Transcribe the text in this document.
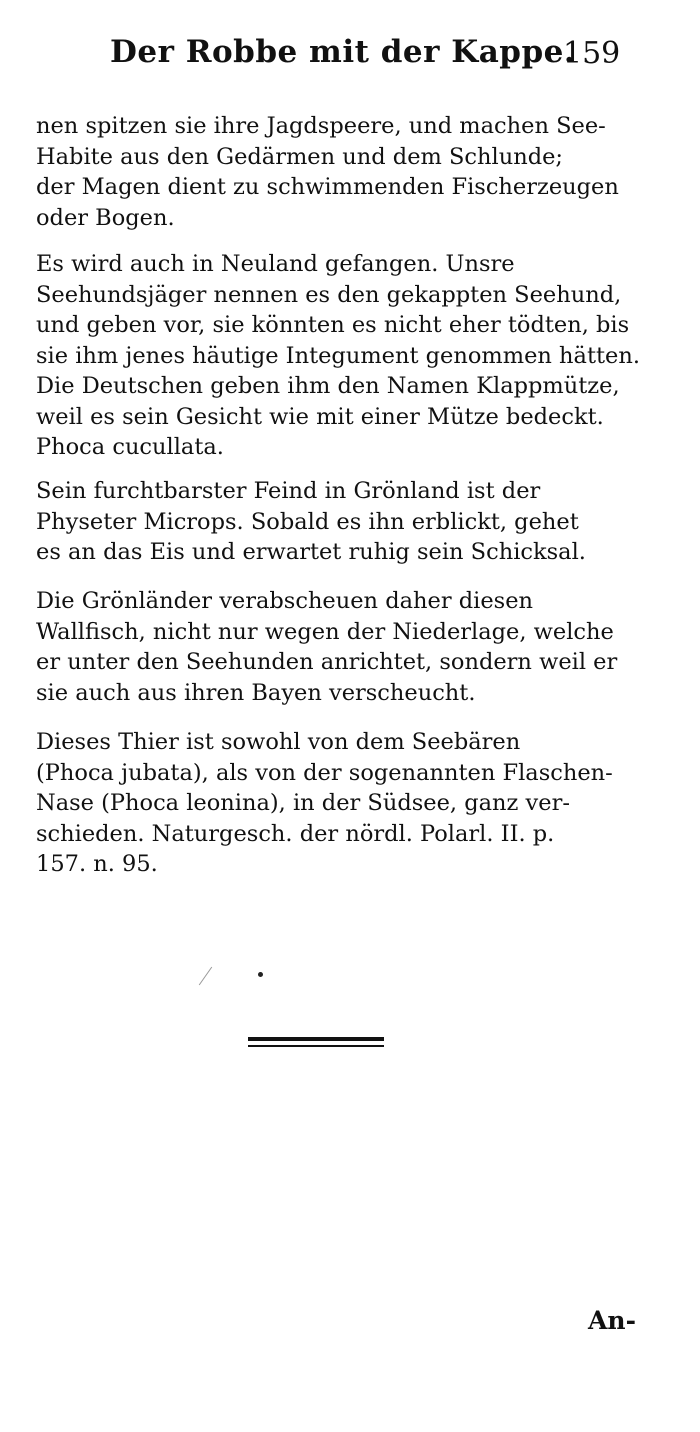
Der Robbe mit der Kappe.
159
nen spitzen sie ihre Jagdspeere, und machen See-
Habite aus den Gedärmen und dem Schlunde;
der Magen dient zu schwimmenden Fischerzeugen
oder Bogen.
Es wird auch in Neuland gefangen. Unsre
Seehundsjäger nennen es den gekappten Seehund,
und geben vor, sie könnten es nicht eher tödten, bis
sie ihm jenes häutige Integument genommen hätten.
Die Deutschen geben ihm den Namen Klappmütze,
weil es sein Gesicht wie mit einer Mütze bedeckt.
Phoca cucullata.
Sein furchtbarster Feind in Grönland ist der
Physeter Microps. Sobald es ihn erblickt, gehet
es an das Eis und erwartet ruhig sein Schicksal.
Die Grönländer verabscheuen daher diesen
Wallfisch, nicht nur wegen der Niederlage, welche
er unter den Seehunden anrichtet, sondern weil er
sie auch aus ihren Bayen verscheucht.
Dieses Thier ist sowohl von dem Seebären
(Phoca jubata), als von der sogenannten Flaschen-
Nase (Phoca leonina), in der Südsee, ganz ver-
schieden. Naturgesch. der nördl. Polarl. II. p.
157. n. 95.
An-
